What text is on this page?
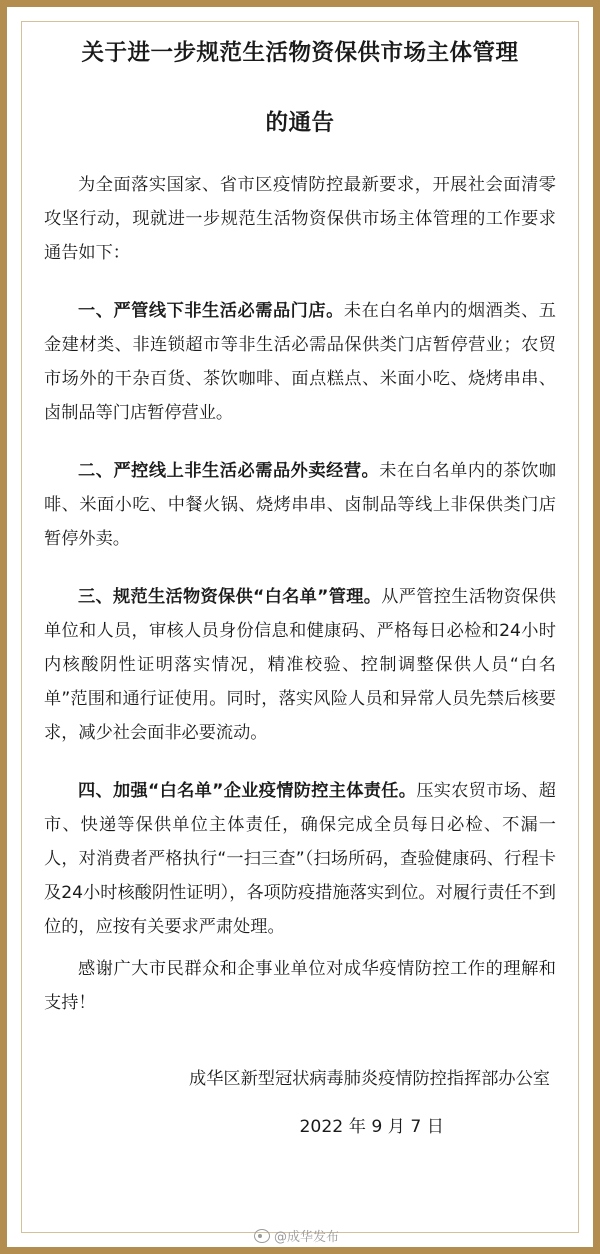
关于进一步规范生活物资保供市场主体管理
的通告

为全面落实国家、省市区疫情防控最新要求，开展社会面清零攻坚行动，现就进一步规范生活物资保供市场主体管理的工作要求通告如下：

一、严管线下非生活必需品门店。未在白名单内的烟酒类、五金建材类、非连锁超市等非生活必需品保供类门店暂停营业；农贸市场外的干杂百货、茶饮咖啡、面点糕点、米面小吃、烧烤串串、卤制品等门店暂停营业。

二、严控线上非生活必需品外卖经营。未在白名单内的茶饮咖啡、米面小吃、中餐火锅、烧烤串串、卤制品等线上非保供类门店暂停外卖。

三、规范生活物资保供“白名单”管理。从严管控生活物资保供单位和人员，审核人员身份信息和健康码、严格每日必检和24小时内核酸阴性证明落实情况，精准校验、控制调整保供人员“白名单”范围和通行证使用。同时，落实风险人员和异常人员先禁后核要求，减少社会面非必要流动。

四、加强“白名单”企业疫情防控主体责任。压实农贸市场、超市、快递等保供单位主体责任，确保完成全员每日必检、不漏一人，对消费者严格执行“一扫三查”（扫场所码，查验健康码、行程卡及24小时核酸阴性证明），各项防疫措施落实到位。对履行责任不到位的，应按有关要求严肃处理。

感谢广大市民群众和企事业单位对成华疫情防控工作的理解和支持！

成华区新型冠状病毒肺炎疫情防控指挥部办公室

2022 年 9 月 7 日

@成华发布
